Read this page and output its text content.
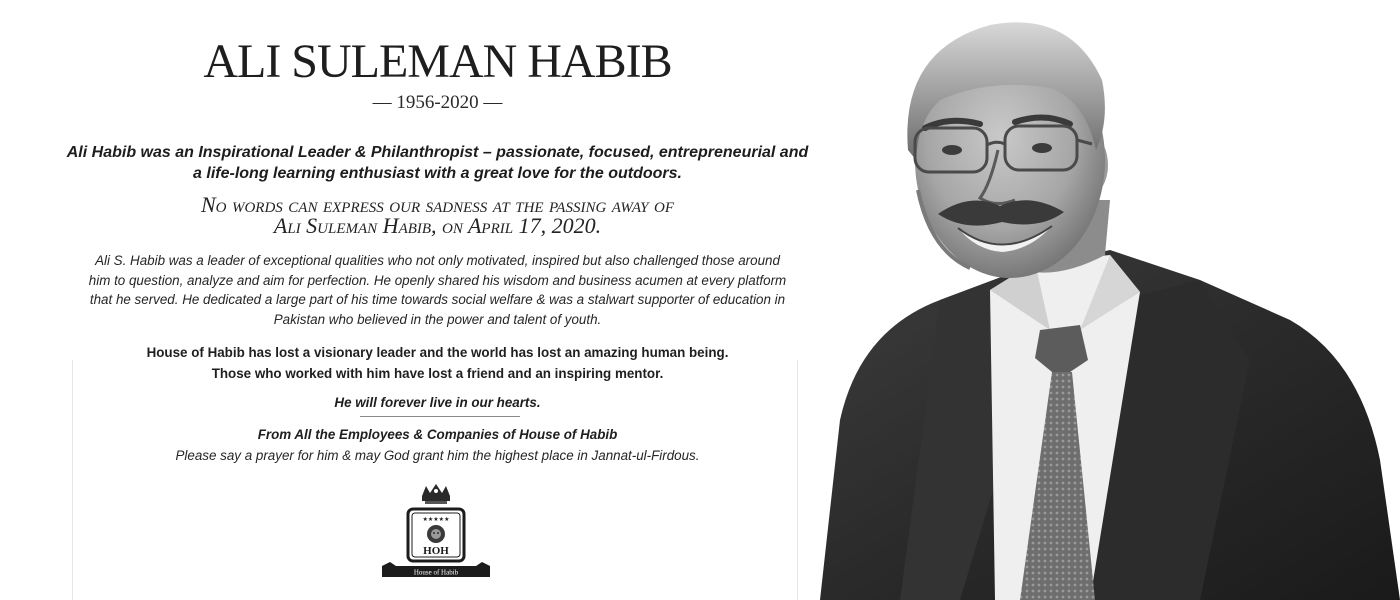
ALI SULEMAN HABIB
— 1956-2020 —
Ali Habib was an Inspirational Leader & Philanthropist – passionate, focused, entrepreneurial and
a life-long learning enthusiast with a great love for the outdoors.
No words can express our sadness at the passing away of
Ali Suleman Habib, on April 17, 2020.
Ali S. Habib was a leader of exceptional qualities who not only motivated, inspired but also challenged those around
him to question, analyze and aim for perfection. He openly shared his wisdom and business acumen at every platform
that he served. He dedicated a large part of his time towards social welfare & was a stalwart supporter of education in
Pakistan who believed in the power and talent of youth.
House of Habib has lost a visionary leader and the world has lost an amazing human being.
Those who worked with him have lost a friend and an inspiring mentor.
He will forever live in our hearts.
From All the Employees & Companies of House of Habib
Please say a prayer for him & may God grant him the highest place in Jannat-ul-Firdous.
★★★★★
HOH
House of Habib
